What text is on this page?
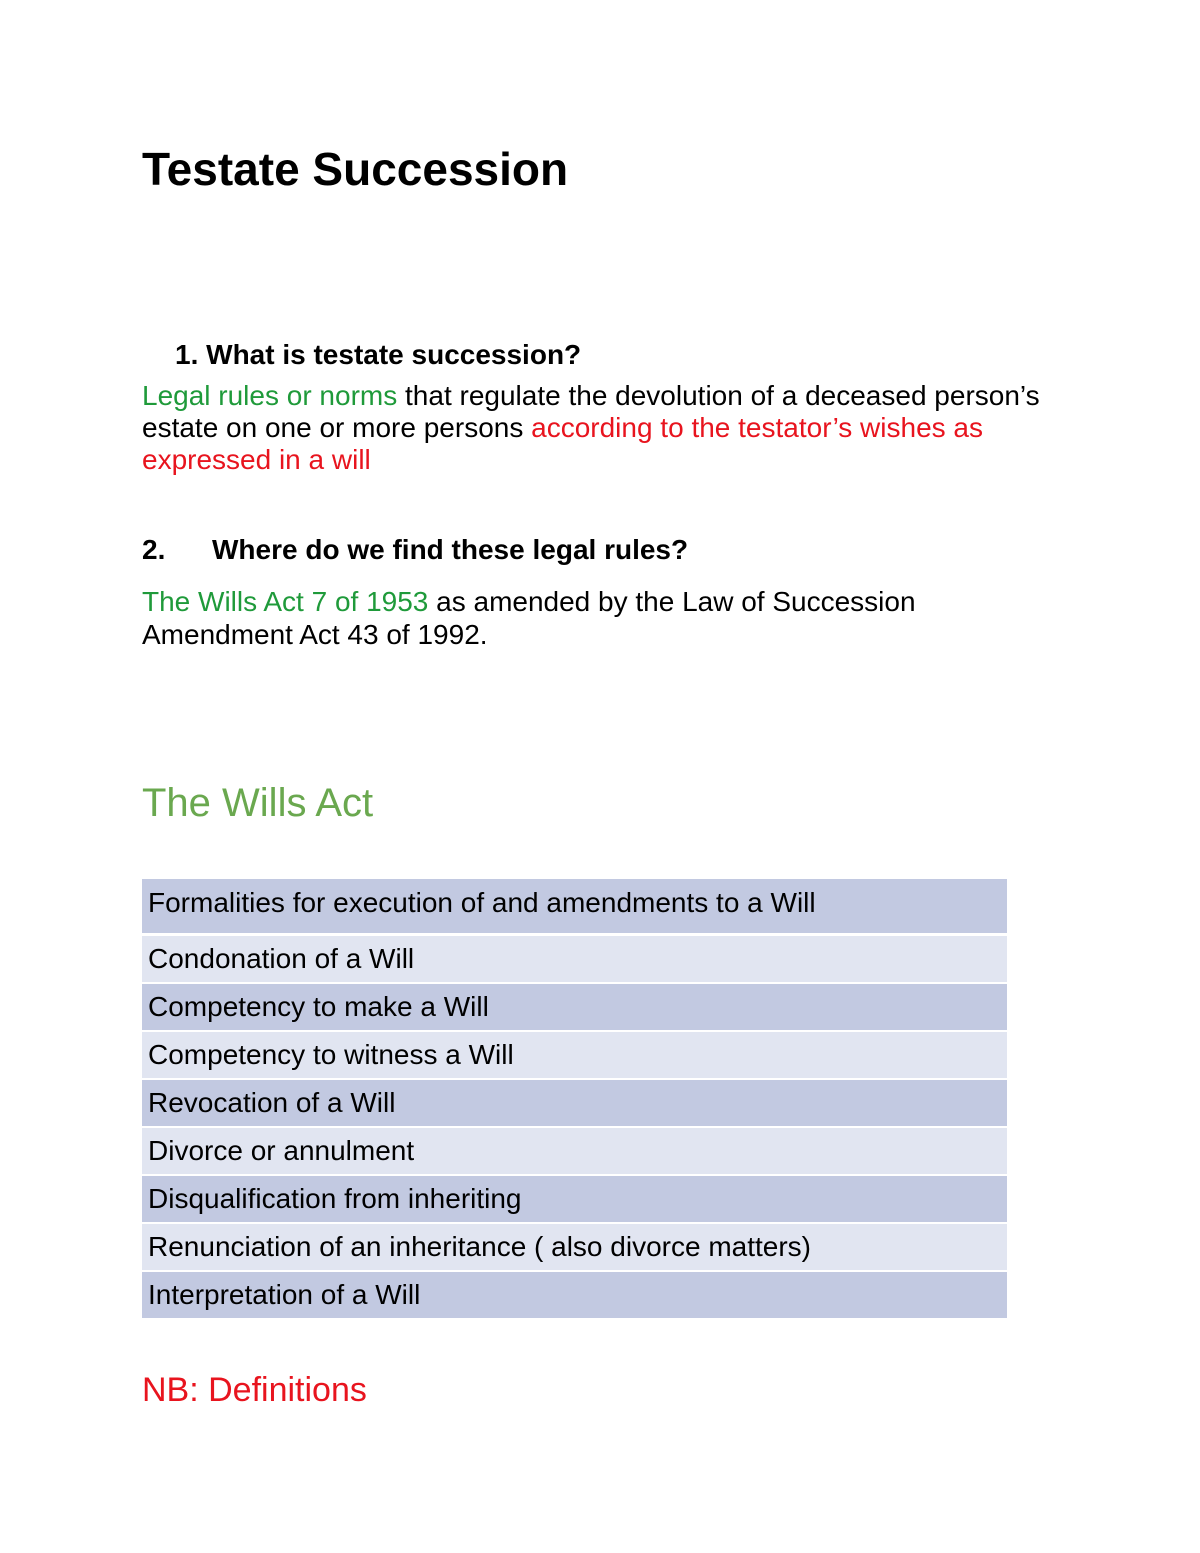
Testate Succession

1. What is testate succession?

Legal rules or norms that regulate the devolution of a deceased person’s estate on one or more persons according to the testator’s wishes as expressed in a will

2. Where do we find these legal rules?

The Wills Act 7 of 1953 as amended by the Law of Succession Amendment Act 43 of 1992.

The Wills Act
Formalities for execution of and amendments to a Will
Condonation of a Will
Competency to make a Will
Competency to witness a Will
Revocation of a Will
Divorce or annulment
Disqualification from inheriting
Renunciation of an inheritance ( also divorce matters)
Interpretation of a Will

NB: Definitions
